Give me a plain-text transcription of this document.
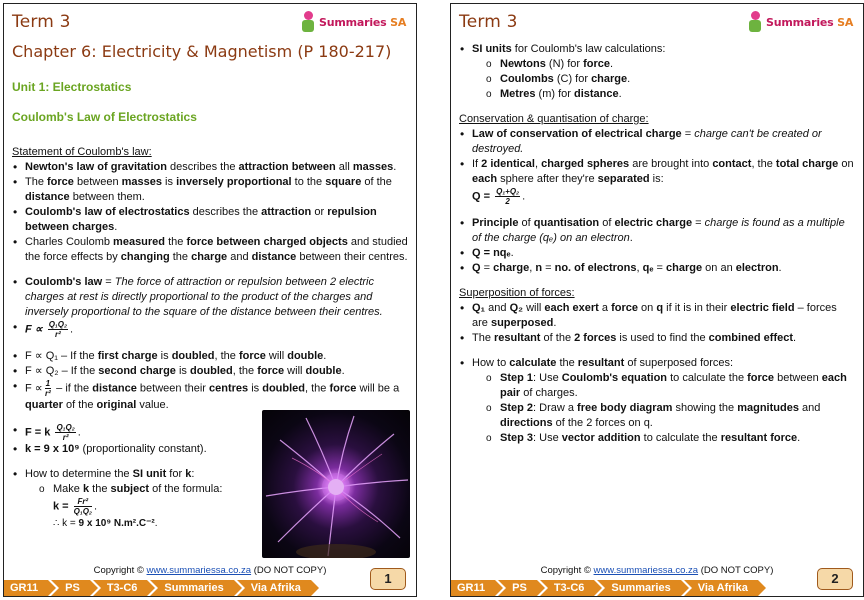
Term 3	Summaries SA
Chapter 6: Electricity & Magnetism (P 180-217)
Unit 1: Electrostatics
Coulomb's Law of Electrostatics

Statement of Coulomb's law:

• Newton's law of gravitation describes the attraction between all masses.
• The force between masses is inversely proportional to the square of the distance between them.
• Coulomb's law of electrostatics describes the attraction or repulsion between charges.
• Charles Coulomb measured the force between charged objects and studied the force effects by changing the charge and distance between their centres.
• Coulomb's law = The force of attraction or repulsion between 2 electric charges at rest is directly proportional to the product of the charges and inversely proportional to the square of the distance between their centres.
• $F \propto \frac{\text{Q₁Q₂}}{\text{r²}}$ .
• F ∝ Q₁ – If the first charge is doubled, the force will double.
• F ∝ Q₂ – If the second charge is doubled, the force will double.
• $F \propto \frac{1}{\text{r²}}$ – if the distance between their centres is doubled, the force will be a quarter of the original value.
• F = k $\frac{\text{Q₁Q₂}}{\text{r²}}$ .
• k = 9 x 10⁹ (proportionality constant).
• How to determine the SI unit for k:
o Make k the subject of the formula:
$k = \frac{\text{Fr²}}{\text{Q₁Q₂}}$ .
∴ k = 9 x 10⁹ N.m².C⁻².
Copyright © www.summariessa.co.za (DO NOT COPY)
1
GR11	PS	T3-C6	Summaries	Via Afrika
Term 3	Summaries SA
• SI units for Coulomb's law calculations:
o Newtons (N) for force.
o Coulombs (C) for charge.
o Metres (m) for distance.

Conservation & quantisation of charge:

• Law of conservation of electrical charge = charge can't be created or destroyed.
• If 2 identical, charged spheres are brought into contact, the total charge on each sphere after they're separated is:
$Q = \frac{\text{Q₁+Q₂}}{2}$ .
• Principle of quantisation of electric charge = charge is found as a multiple of the charge (qₑ) on an electron.
• Q = nqₑ.
• Q = charge, n = no. of electrons, qₑ = charge on an electron.

Superposition of forces:

• Q₁ and Q₂ will each exert a force on q if it is in their electric field – forces are superposed.
• The resultant of the 2 forces is used to find the combined effect.
• How to calculate the resultant of superposed forces:
o Step 1: Use Coulomb's equation to calculate the force between each pair of charges.
o Step 2: Draw a free body diagram showing the magnitudes and directions of the 2 forces on q.
o Step 3: Use vector addition to calculate the resultant force.
Copyright © www.summariessa.co.za (DO NOT COPY)
2
GR11	PS	T3-C6	Summaries	Via Afrika
